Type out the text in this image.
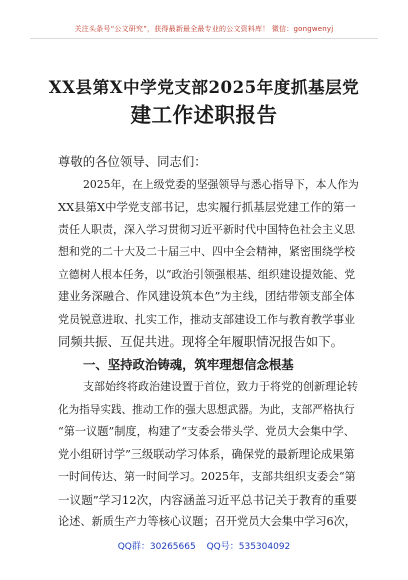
关注头条号“公文研究”，获得最新最全最专业的公文资料库！ 微信：gongwenyj
XX县第X中学党支部2025年度抓基层党
建工作述职报告
尊敬的各位领导、同志们：
2025年，在上级党委的坚强领导与悉心指导下，本人作为
XX县第X中学党支部书记，忠实履行抓基层党建工作的第一
责任人职责，深入学习贯彻习近平新时代中国特色社会主义思
想和党的二十大及二十届三中、四中全会精神，紧密围绕学校
立德树人根本任务，以“政治引领强根基、组织建设提效能、党
建业务深融合、作风建设筑本色”为主线，团结带领支部全体
党员锐意进取、扎实工作，推动支部建设工作与教育教学事业
同频共振、互促共进。现将全年履职情况报告如下。
一、坚持政治铸魂，筑牢理想信念根基
支部始终将政治建设置于首位，致力于将党的创新理论转
化为指导实践、推动工作的强大思想武器。为此，支部严格执行
“第一议题”制度，构建了“支委会带头学、党员大会集中学、
党小组研讨学”三级联动学习体系，确保党的最新理论成果第
一时间传达、第一时间学习。2025年，支部共组织支委会“第
一议题”学习12次，内容涵盖习近平总书记关于教育的重要
论述、新质生产力等核心议题；召开党员大会集中学习6次，
QQ群：30265665 QQ号：535304092
